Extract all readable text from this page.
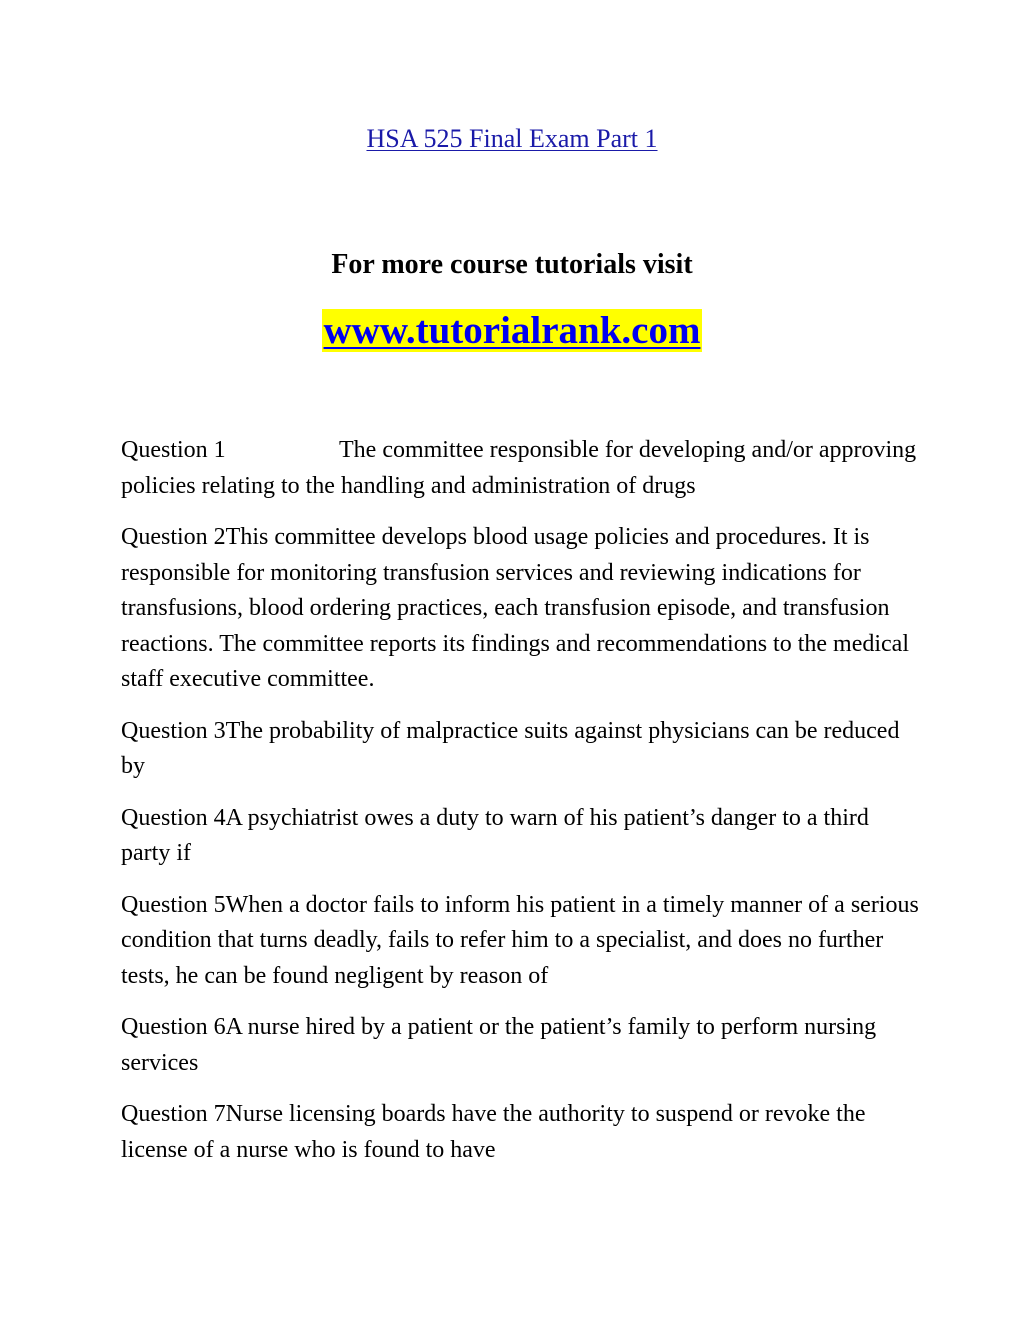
HSA 525 Final Exam Part 1
For more course tutorials visit
www.tutorialrank.com

Question 1	The committee responsible for developing and/or approving policies relating to the handling and administration of drugs

Question 2This committee develops blood usage policies and procedures. It is responsible for monitoring transfusion services and reviewing indications for transfusions, blood ordering practices, each transfusion episode, and transfusion reactions. The committee reports its findings and recommendations to the medical staff executive committee.

Question 3The probability of malpractice suits against physicians can be reduced by

Question 4A psychiatrist owes a duty to warn of his patient’s danger to a third party if

Question 5When a doctor fails to inform his patient in a timely manner of a serious condition that turns deadly, fails to refer him to a specialist, and does no further tests, he can be found negligent by reason of

Question 6A nurse hired by a patient or the patient’s family to perform nursing services

Question 7Nurse licensing boards have the authority to suspend or revoke the license of a nurse who is found to have
